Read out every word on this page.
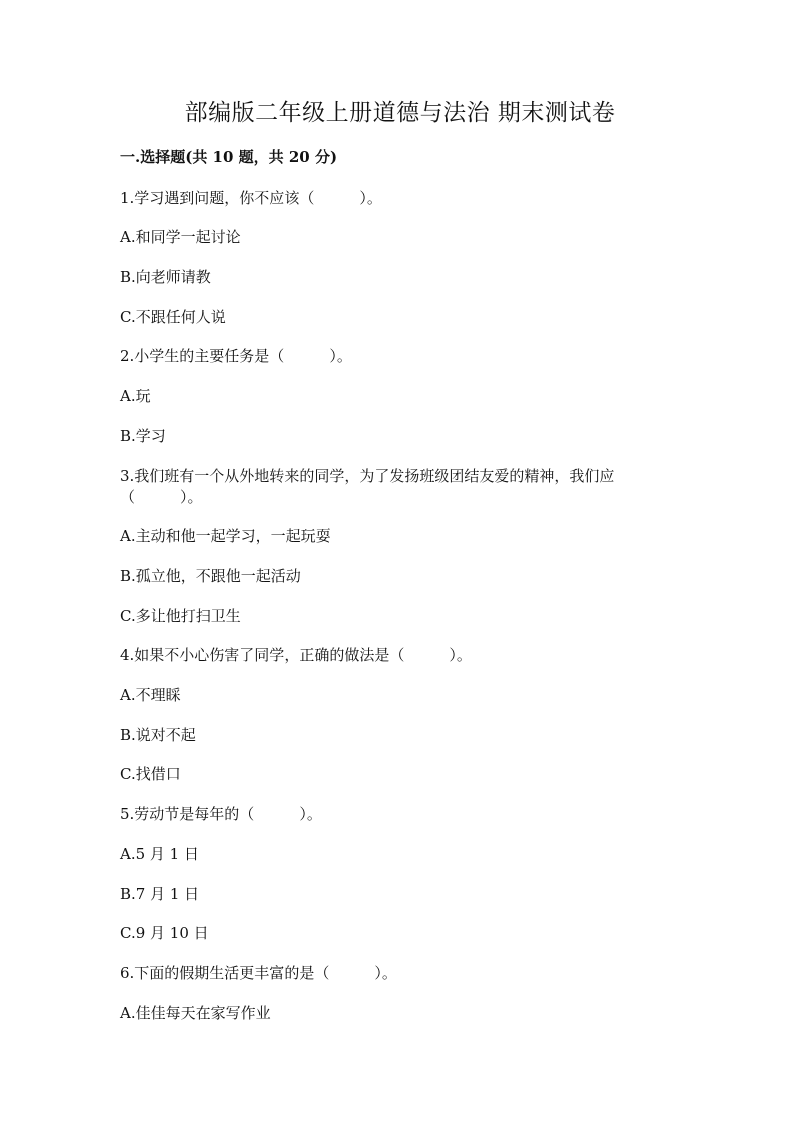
部编版二年级上册道德与法治 期末测试卷
一.选择题(共 10 题，共 20 分)
1.学习遇到问题，你不应该（　　　）。
A.和同学一起讨论
B.向老师请教
C.不跟任何人说
2.小学生的主要任务是（　　　）。
A.玩
B.学习
3.我们班有一个从外地转来的同学，为了发扬班级团结友爱的精神，我们应
（　　　）。
A.主动和他一起学习，一起玩耍
B.孤立他，不跟他一起活动
C.多让他打扫卫生
4.如果不小心伤害了同学，正确的做法是（　　　）。
A.不理睬
B.说对不起
C.找借口
5.劳动节是每年的（　　　）。
A.5 月 1 日
B.7 月 1 日
C.9 月 10 日
6.下面的假期生活更丰富的是（　　　）。
A.佳佳每天在家写作业
